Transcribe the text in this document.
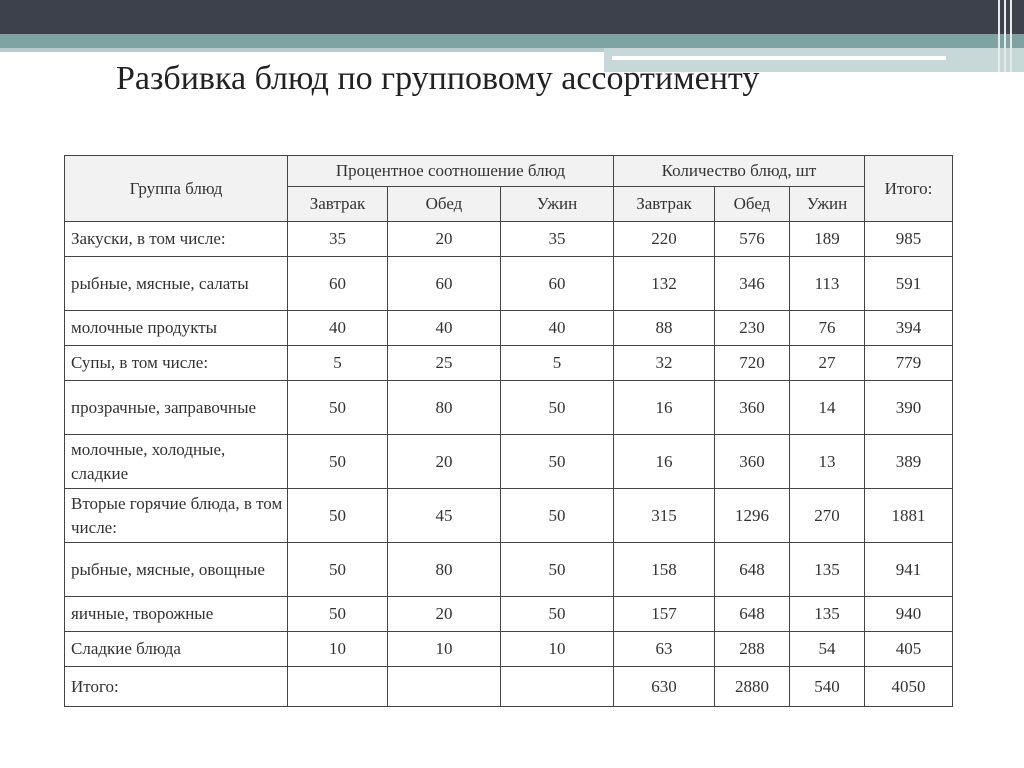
Разбивка блюд по групповому ассортименту
Группа блюд	Процентное соотношение блюд			Количество блюд, шт			Итого:
	Завтрак	Обед	Ужин	Завтрак	Обед	Ужин	
Закуски, в том числе:	35	20	35	220	576	189	985
рыбные, мясные, салаты	60	60	60	132	346	113	591
молочные продукты	40	40	40	88	230	76	394
Супы, в том числе:	5	25	5	32	720	27	779
прозрачные, заправочные	50	80	50	16	360	14	390
молочные, холодные, сладкие	50	20	50	16	360	13	389
Вторые горячие блюда, в том числе:	50	45	50	315	1296	270	1881
рыбные, мясные, овощные	50	80	50	158	648	135	941
яичные, творожные	50	20	50	157	648	135	940
Сладкие блюда	10	10	10	63	288	54	405
Итого:				630	2880	540	4050
